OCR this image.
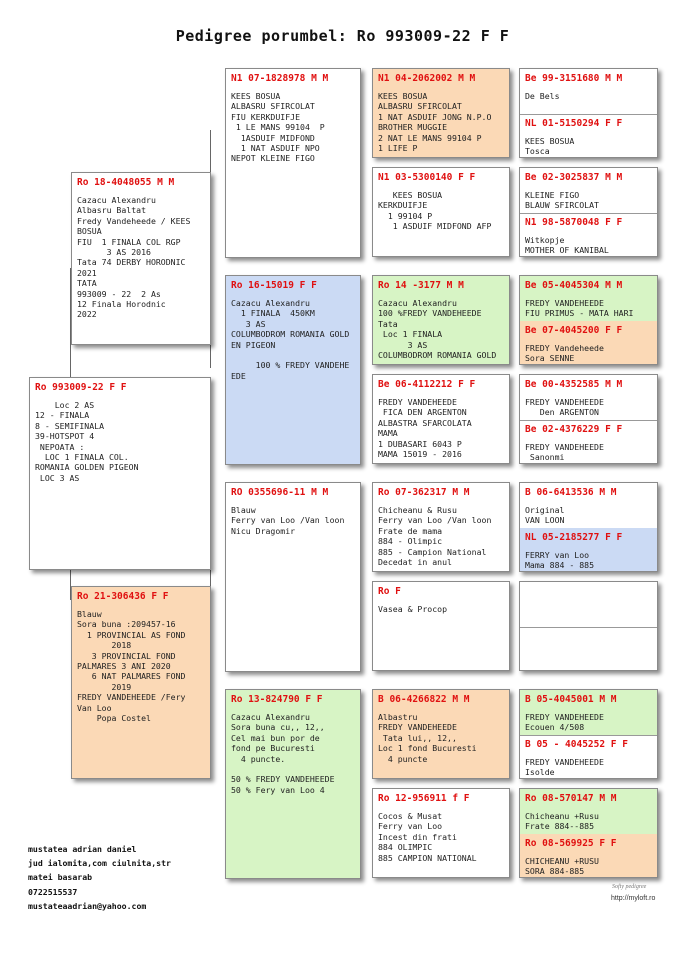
Pedigree porumbel: Ro 993009-22 F F
Ro 993009-22 F F
Loc 2 AS
12 - FINALA
8 - SEMIFINALA
39-HOTSPOT 4
NEPOATA :
LOC 1 FINALA COL.
ROMANIA GOLDEN PIGEON
LOC 3 AS
Ro 18-4048055 M M
Cazacu Alexandru
Albasru Baltat
Fredy Vandeheede / KEES
BOSUA
FIU  1 FINALA COL RGP
3 AS 2016
Tata 74 DERBY HORODNIC
2021
TATA
993009 - 22  2 As
12 Finala Horodnic
2022
Ro 21-306436 F F
Blauw
Sora buna :209457-16
1 PROVINCIAL AS FOND
2018
3 PROVINCIAL FOND
PALMARES 3 ANI 2020
6 NAT PALMARES FOND
2019
FREDY VANDEHEEDE /Fery
Van Loo
Popa Costel
N1 07-1828978 M M
KEES BOSUA
ALBASRU SFIRCOLAT
FIU KERKDUIFJE
1 LE MANS 99104  P
1ASDUIF MIDFOND
1 NAT ASDUIF NPO
NEPOT KLEINE FIGO
Ro 16-15019 F F
Cazacu Alexandru
1 FINALA  450KM
3 AS
COLUMBODROM ROMANIA GOLD
EN PIGEON

100 % FREDY VANDEHE
EDE
RO 0355696-11 M M
Blauw
Ferry van Loo /Van loon
Nicu Dragomir
Ro 13-824790 F F
Cazacu Alexandru
Sora buna cu,, 12,,
Cel mai bun por de
fond pe Bucuresti
4 puncte.

50 % FREDY VANDEHEEDE
50 % Fery van Loo 4
N1 04-2062002 M M
KEES BOSUA
ALBASRU SFIRCOLAT
1 NAT ASDUIF JONG N.P.O
BROTHER MUGGIE
2 NAT LE MANS 99104 P
1 LIFE P
N1 03-5300140 F F
KEES BOSUA
KERKDUIFJE
1 99104 P
1 ASDUIF MIDFOND AFP
Ro 14 -3177 M M
Cazacu Alexandru
100 %FREDY VANDEHEEDE
Tata
Loc 1 FINALA
3 AS
COLUMBODROM ROMANIA GOLD
Be 06-4112212 F F
FREDY VANDEHEEDE
FICA DEN ARGENTON
ALBASTRA SFARCOLATA
MAMA
1 DUBASARI 6043 P
MAMA 15019 - 2016
Ro 07-362317 M M
Chicheanu & Rusu
Ferry van Loo /Van loon
Frate de mama
884 - Olimpic
885 - Campion National
Decedat in anul
Ro F
Vasea & Procop
B 06-4266822 M M
Albastru
FREDY VANDEHEEDE
Tata lui,, 12,,
Loc 1 fond Bucuresti
4 puncte
Ro 12-956911 f F
Cocos & Musat
Ferry van Loo
Incest din frati
884 OLIMPIC
885 CAMPION NATIONAL
Be 99-3151680 M M
De Bels
NL 01-5150294 F F
KEES BOSUA
Tosca
Be 02-3025837 M M
KLEINE FIGO
BLAUW SFIRCOLAT
N1 98-5870048 F F
Witkopje
MOTHER OF KANIBAL
Be 05-4045304 M M
FREDY VANDEHEEDE
FIU PRIMUS - MATA HARI
Be 07-4045200 F F
FREDY Vandeheede
Sora SENNE
Be 00-4352585 M M
FREDY VANDEHEEDE
Den ARGENTON
Be 02-4376229 F F
FREDY VANDEHEEDE
Sanonmi
B 06-6413536 M M
Original
VAN LOON
NL 05-2185277 F F
FERRY van Loo
Mama 884 - 885
B 05-4045001 M M
FREDY VANDEHEEDE
Ecouen 4/508
B 05 - 4045252 F F
FREDY VANDEHEEDE
Isolde
Ro 08-570147 M M
Chicheanu +Rusu
Frate 884--885
Ro 08-569925 F F
CHICHEANU +RUSU
SORA 884-885
mustatea adrian daniel
jud ialomita,com ciulnita,str
matei basarab
0722515537
mustateaadrian@yahoo.com
Softy pedigree
http://myloft.ro
